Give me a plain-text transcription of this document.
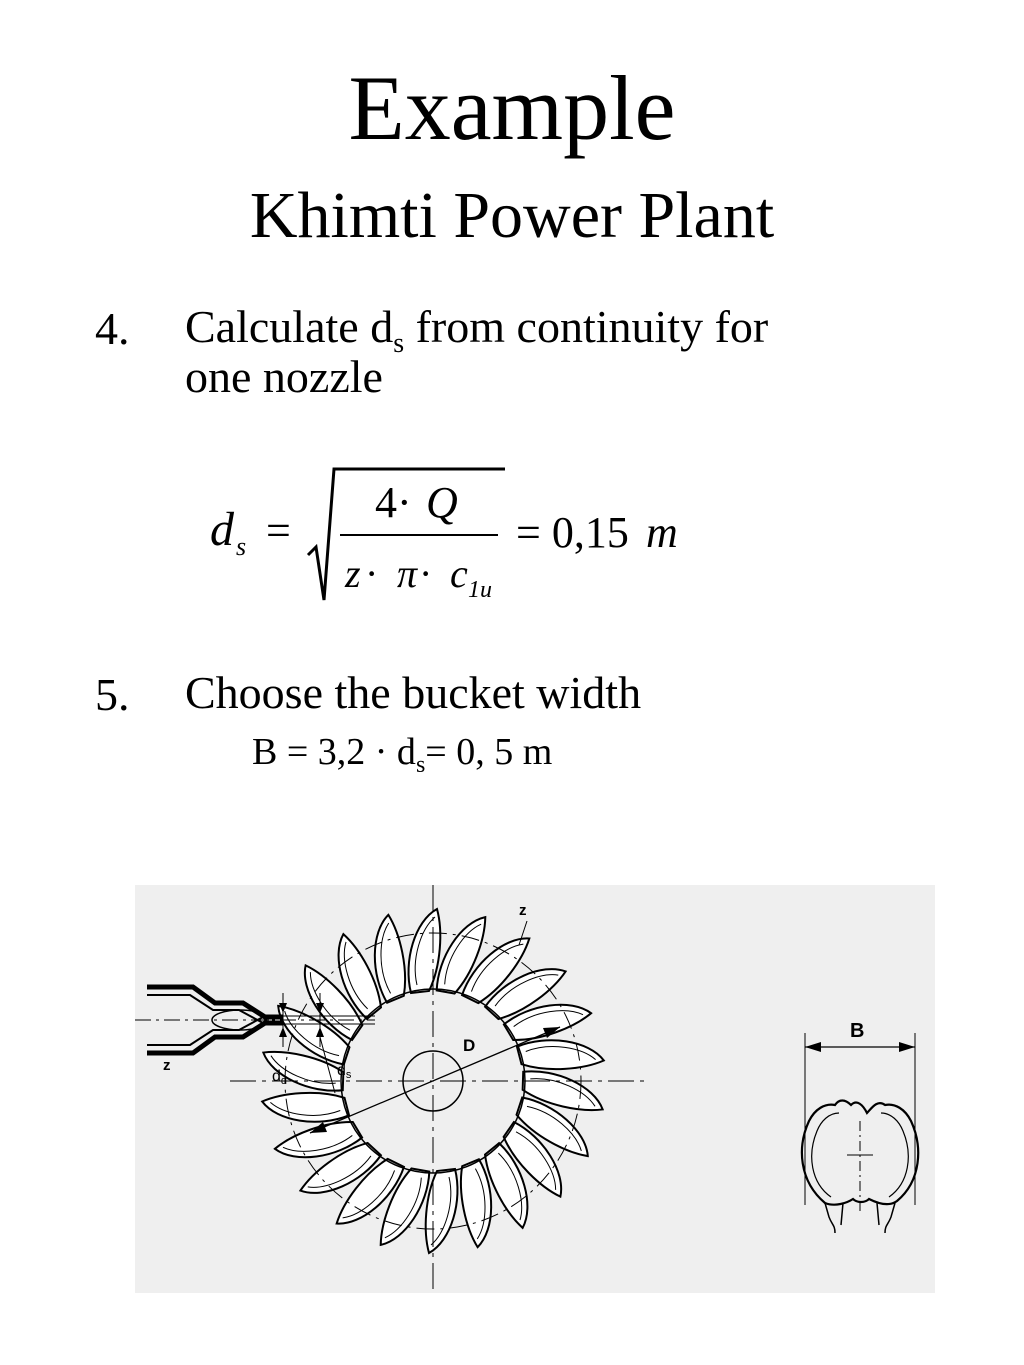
Example
Khimti Power Plant
4. Calculate $d_s$ from continuity for
one nozzle
d s =
4· Q
z · π · c 1u
= 0,15 m
5. Choose the bucket width
$B = 3,2 \cdot d_s= 0$, 5 m
D
z
z
dd
ds
B
